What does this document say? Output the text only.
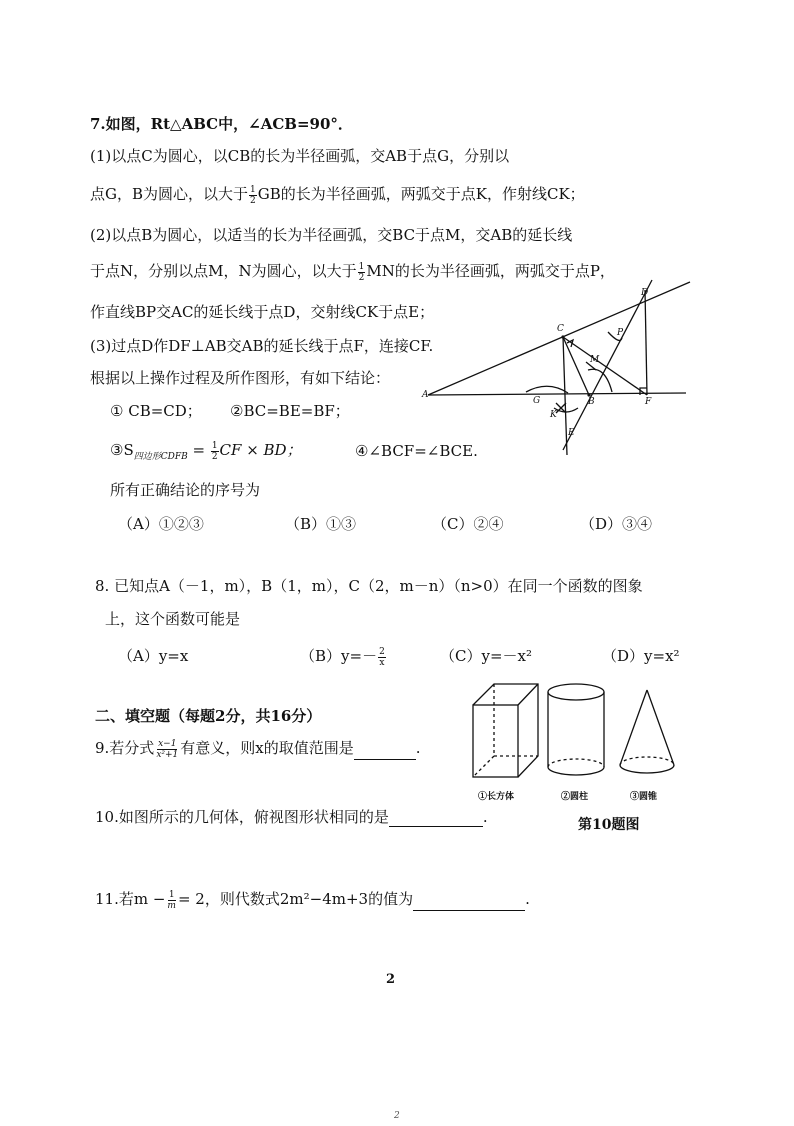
7.如图，Rt△ABC中，∠ACB=90°．
(1)以点C为圆心，以CB的长为半径画弧，交AB于点G，分别以
点G，B为圆心，以大于 $\frac{1}{2}$ GB的长为半径画弧，两弧交于点K，作射线CK；
(2)以点B为圆心，以适当的长为半径画弧，交BC于点M，交AB的延长线
于点N，分别以点M，N为圆心，以大于 $\frac{1}{2}$ MN的长为半径画弧，两弧交于点P，
作直线BP交AC的延长线于点D，交射线CK于点E；
(3)过点D作DF⊥AB交AB的延长线于点F，连接CF.
根据以上操作过程及所作图形，有如下结论：
① CB=CD； ②BC=BE=BF；
$③S_{四边形CDFB} = \frac{1}{2}$ CF × BD；	④∠BCF=∠BCE.
所有正确结论的序号为
（A）①②③	（B）①③	（C）②④	（D）③④
A
C
D
P
M
G	B	F
K
E
8. 已知点A（－1，m），B（1，m），C（2，m－n）（n>0）在同一个函数的图象
上，这个函数可能是
（A）y=x	$(B)y=- \frac{2}{x}$	（C）y=－x²	（D）y=x²
二、填空题（每题2分，共16分）
9.若分式 $\frac{x-1}{\text{x²+1}}$ 有意义，则x的取值范围是	.
10.如图所示的几何体，俯视图形状相同的是	.
①长方体	②圆柱	③圆锥
第10题图
11.若$m - \frac{1}{m} = 2$，则代数式2m²−4m+3的值为	.
2
2
